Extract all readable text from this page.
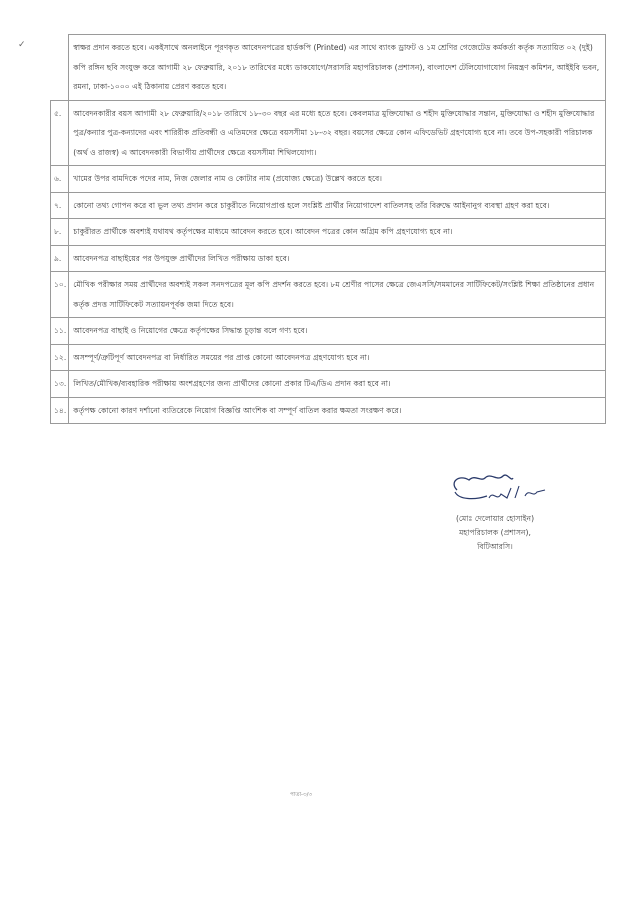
✓
		স্বাক্ষর প্রদান করতে হবে। একইসাথে অনলাইনে পূরণকৃত আবেদনপত্রের হার্ডকপি (Printed) এর সাথে ব্যাংক ড্রাফট ও ১ম শ্রেণির গেজেটেড কর্মকর্তা কর্তৃক সত্যায়িত ০২ (দুই) কপি রঙ্গিন ছবি সংযুক্ত করে আগামী ২৮ ফেব্রুয়ারি, ২০১৮ তারিখের মধ্যে ডাকযোগে/সরাসরি মহাপরিচালক (প্রশাসন), বাংলাদেশ টেলিযোগাযোগ নিয়ন্ত্রণ কমিশন, আইইবি ভবন, রমনা, ঢাকা-১০০০ এই ঠিকানায় প্রেরণ করতে হবে।
৫.	আবেদনকারীর বয়স আগামী ২৮ ফেব্রুয়ারি/২০১৮ তারিখে ১৮-৩০ বছর এর মধ্যে হতে হবে। কেবলমাত্র মুক্তিযোদ্ধা ও শহীদ মুক্তিযোদ্ধার সন্তান, মুক্তিযোদ্ধা ও শহীদ মুক্তিযোদ্ধার পুত্র/কন্যার পুত্র-কন্যাদের এবং শারিরীক প্রতিবন্ধী ও এতিমদের ক্ষেত্রে বয়সসীমা ১৮-৩২ বছর। বয়সের ক্ষেত্রে কোন এফিডেভিট গ্রহণযোগ্য হবে না। তবে উপ-সহকারী পরিচালক (অর্থ ও রাজস্ব) এ আবেদনকারী বিভাগীয় প্রার্থীদের ক্ষেত্রে বয়সসীমা শিথিলযোগ্য।
৬.	খামের উপর বামদিকে পদের নাম, নিজ জেলার নাম ও কোটার নাম (প্রযোজ্য ক্ষেত্রে) উল্লেখ করতে হবে।
৭.	কোনো তথ্য গোপন করে বা ভুল তথ্য প্রদান করে চাকুরীতে নিয়োগপ্রাপ্ত হলে সংশ্লিষ্ট প্রার্থীর নিয়োগাদেশ বাতিলসহ তাঁর বিরুদ্ধে আইনানুগ ব্যবস্থা গ্রহণ করা হবে।
৮.	চাকুরীরত প্রার্থীকে অবশ্যই যথাযথ কর্তৃপক্ষের মাধ্যমে আবেদন করতে হবে। আবেদন পত্রের কোন অগ্রিম কপি গ্রহণযোগ্য হবে না।
৯.	আবেদনপত্র বাছাইয়ের পর উপযুক্ত প্রার্থীদের লিখিত পরীক্ষায় ডাকা হবে।
১০.	মৌখিক পরীক্ষার সময় প্রার্থীদের অবশ্যই সকল সনদপত্রের মূল কপি প্রদর্শন করতে হবে। ৮ম শ্রেণীর পাসের ক্ষেত্রে জেএসসি/সমমানের সার্টিফিকেট/সংশ্লিষ্ট শিক্ষা প্রতিষ্ঠানের প্রধান কর্তৃক প্রদত্ত সার্টিফিকেট সত্যায়নপূর্বক জমা দিতে হবে।
১১.	আবেদনপত্র বাছাই ও নিয়োগের ক্ষেত্রে কর্তৃপক্ষের সিদ্ধান্ত চূড়ান্ত বলে গণ্য হবে।
১২.	অসম্পূর্ণ/ত্রুটিপূর্ণ আবেদনপত্র বা নির্ধারিত সময়ের পর প্রাপ্ত কোনো আবেদনপত্র গ্রহণযোগ্য হবে না।
১৩.	লিখিত/মৌখিক/ব্যবহারিক পরীক্ষায় অংশগ্রহণের জন্য প্রার্থীদের কোনো প্রকার টিএ/ডিএ প্রদান করা হবে না।
১৪.	কর্তৃপক্ষ কোনো কারণ দর্শানো ব্যতিরেকে নিয়োগ বিজ্ঞপ্তি আংশিক বা সম্পূর্ণ বাতিল করার ক্ষমতা সংরক্ষণ করে।
(মোঃ দেলোয়ার হোসাইন)
মহাপরিচালক (প্রশাসন),
বিটিআরসি।
পাতা-৩/৩
